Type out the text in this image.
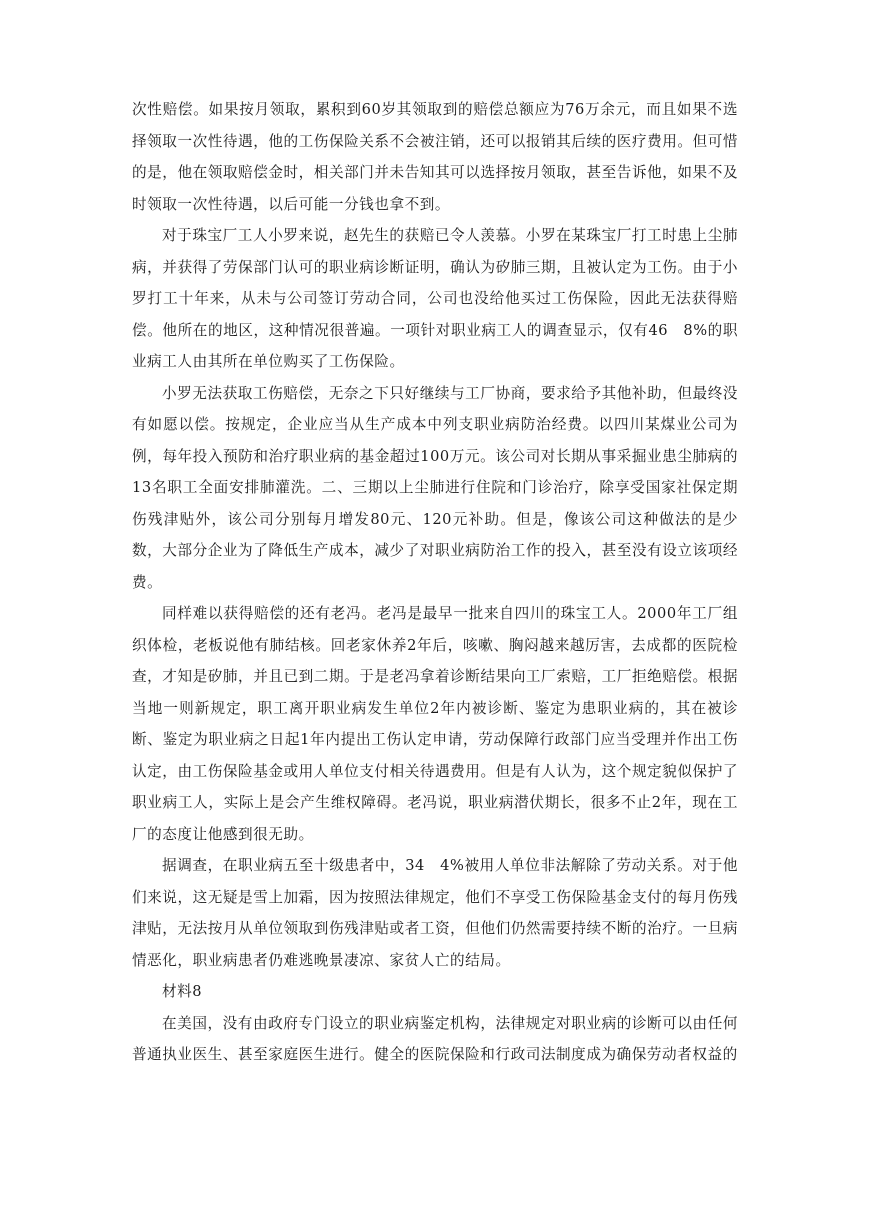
次性赔偿。如果按月领取，累积到60岁其领取到的赔偿总额应为76万余元，而且如果不选择领取一次性待遇，他的工伤保险关系不会被注销，还可以报销其后续的医疗费用。但可惜的是，他在领取赔偿金时，相关部门并未告知其可以选择按月领取，甚至告诉他，如果不及时领取一次性待遇，以后可能一分钱也拿不到。

对于珠宝厂工人小罗来说，赵先生的获赔已令人羡慕。小罗在某珠宝厂打工时患上尘肺病，并获得了劳保部门认可的职业病诊断证明，确认为矽肺三期，且被认定为工伤。由于小罗打工十年来，从未与公司签订劳动合同，公司也没给他买过工伤保险，因此无法获得赔偿。他所在的地区，这种情况很普遍。一项针对职业病工人的调查显示，仅有46　8%的职业病工人由其所在单位购买了工伤保险。

小罗无法获取工伤赔偿，无奈之下只好继续与工厂协商，要求给予其他补助，但最终没有如愿以偿。按规定，企业应当从生产成本中列支职业病防治经费。以四川某煤业公司为例，每年投入预防和治疗职业病的基金超过100万元。该公司对长期从事采掘业患尘肺病的13名职工全面安排肺灌洗。二、三期以上尘肺进行住院和门诊治疗，除享受国家社保定期伤残津贴外，该公司分别每月增发80元、120元补助。但是，像该公司这种做法的是少数，大部分企业为了降低生产成本，减少了对职业病防治工作的投入，甚至没有设立该项经费。

同样难以获得赔偿的还有老冯。老冯是最早一批来自四川的珠宝工人。2000年工厂组织体检，老板说他有肺结核。回老家休养2年后，咳嗽、胸闷越来越厉害，去成都的医院检查，才知是矽肺，并且已到二期。于是老冯拿着诊断结果向工厂索赔，工厂拒绝赔偿。根据当地一则新规定，职工离开职业病发生单位2年内被诊断、鉴定为患职业病的，其在被诊断、鉴定为职业病之日起1年内提出工伤认定申请，劳动保障行政部门应当受理并作出工伤认定，由工伤保险基金或用人单位支付相关待遇费用。但是有人认为，这个规定貌似保护了职业病工人，实际上是会产生维权障碍。老冯说，职业病潜伏期长，很多不止2年，现在工厂的态度让他感到很无助。

据调查，在职业病五至十级患者中，34　4%被用人单位非法解除了劳动关系。对于他们来说，这无疑是雪上加霜，因为按照法律规定，他们不享受工伤保险基金支付的每月伤残津贴，无法按月从单位领取到伤残津贴或者工资，但他们仍然需要持续不断的治疗。一旦病情恶化，职业病患者仍难逃晚景凄凉、家贫人亡的结局。

材料8

在美国，没有由政府专门设立的职业病鉴定机构，法律规定对职业病的诊断可以由任何普通执业医生、甚至家庭医生进行。健全的医院保险和行政司法制度成为确保劳动者权益的
